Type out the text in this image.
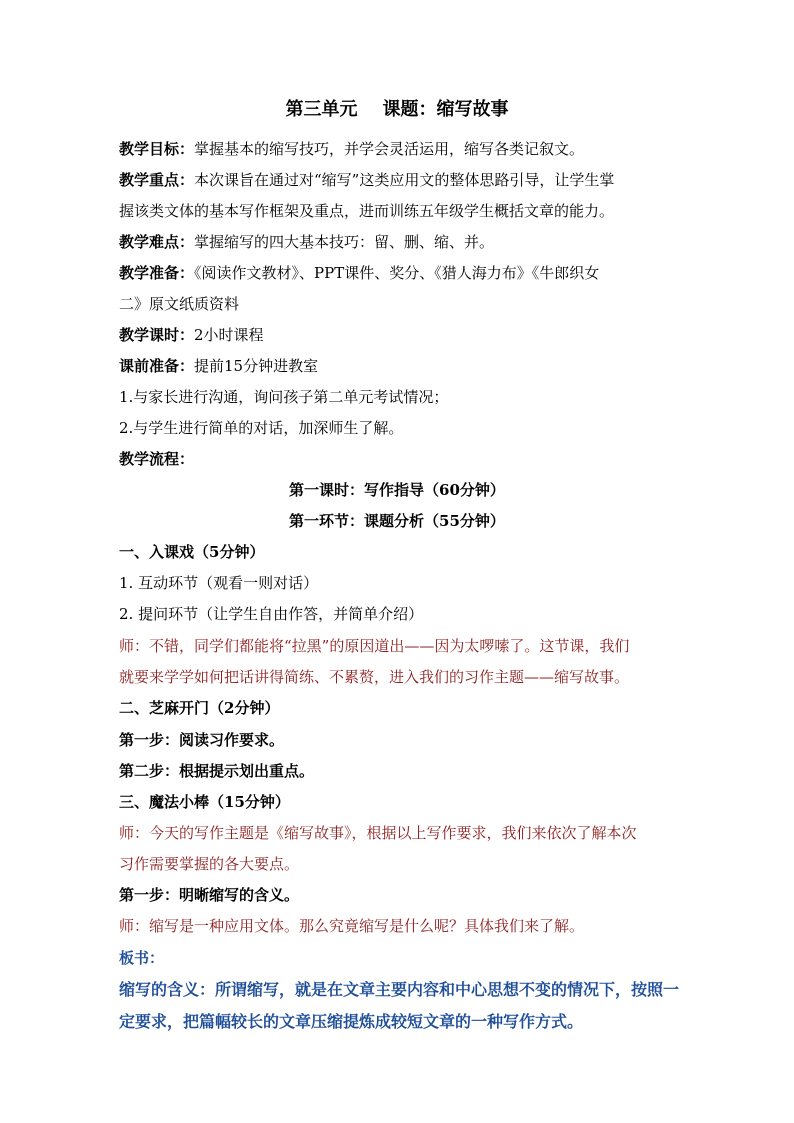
第三单元    课题：缩写故事
教学目标：掌握基本的缩写技巧，并学会灵活运用，缩写各类记叙文。
教学重点：本次课旨在通过对“缩写”这类应用文的整体思路引导，让学生掌
握该类文体的基本写作框架及重点，进而训练五年级学生概括文章的能力。
教学难点：掌握缩写的四大基本技巧：留、删、缩、并。
教学准备：《阅读作文教材》、PPT课件、奖分、《猎人海力布》《牛郎织女
二》原文纸质资料
教学课时：2小时课程
课前准备：提前15分钟进教室
1.与家长进行沟通，询问孩子第二单元考试情况；
2.与学生进行简单的对话，加深师生了解。
教学流程：
第一课时：写作指导（60分钟）
第一环节：课题分析（55分钟）
一、入课戏（5分钟）
1. 互动环节（观看一则对话）
2. 提问环节（让学生自由作答，并简单介绍）
师：不错，同学们都能将“拉黑”的原因道出——因为太啰嗦了。这节课，我们
就要来学学如何把话讲得简练、不累赘，进入我们的习作主题——缩写故事。
二、芝麻开门（2分钟）
第一步：阅读习作要求。
第二步：根据提示划出重点。
三、魔法小棒（15分钟）
师：今天的写作主题是《缩写故事》，根据以上写作要求，我们来依次了解本次
习作需要掌握的各大要点。
第一步：明晰缩写的含义。
师：缩写是一种应用文体。那么究竟缩写是什么呢？具体我们来了解。
板书：
缩写的含义：所谓缩写，就是在文章主要内容和中心思想不变的情况下，按照一
定要求，把篇幅较长的文章压缩提炼成较短文章的一种写作方式。
